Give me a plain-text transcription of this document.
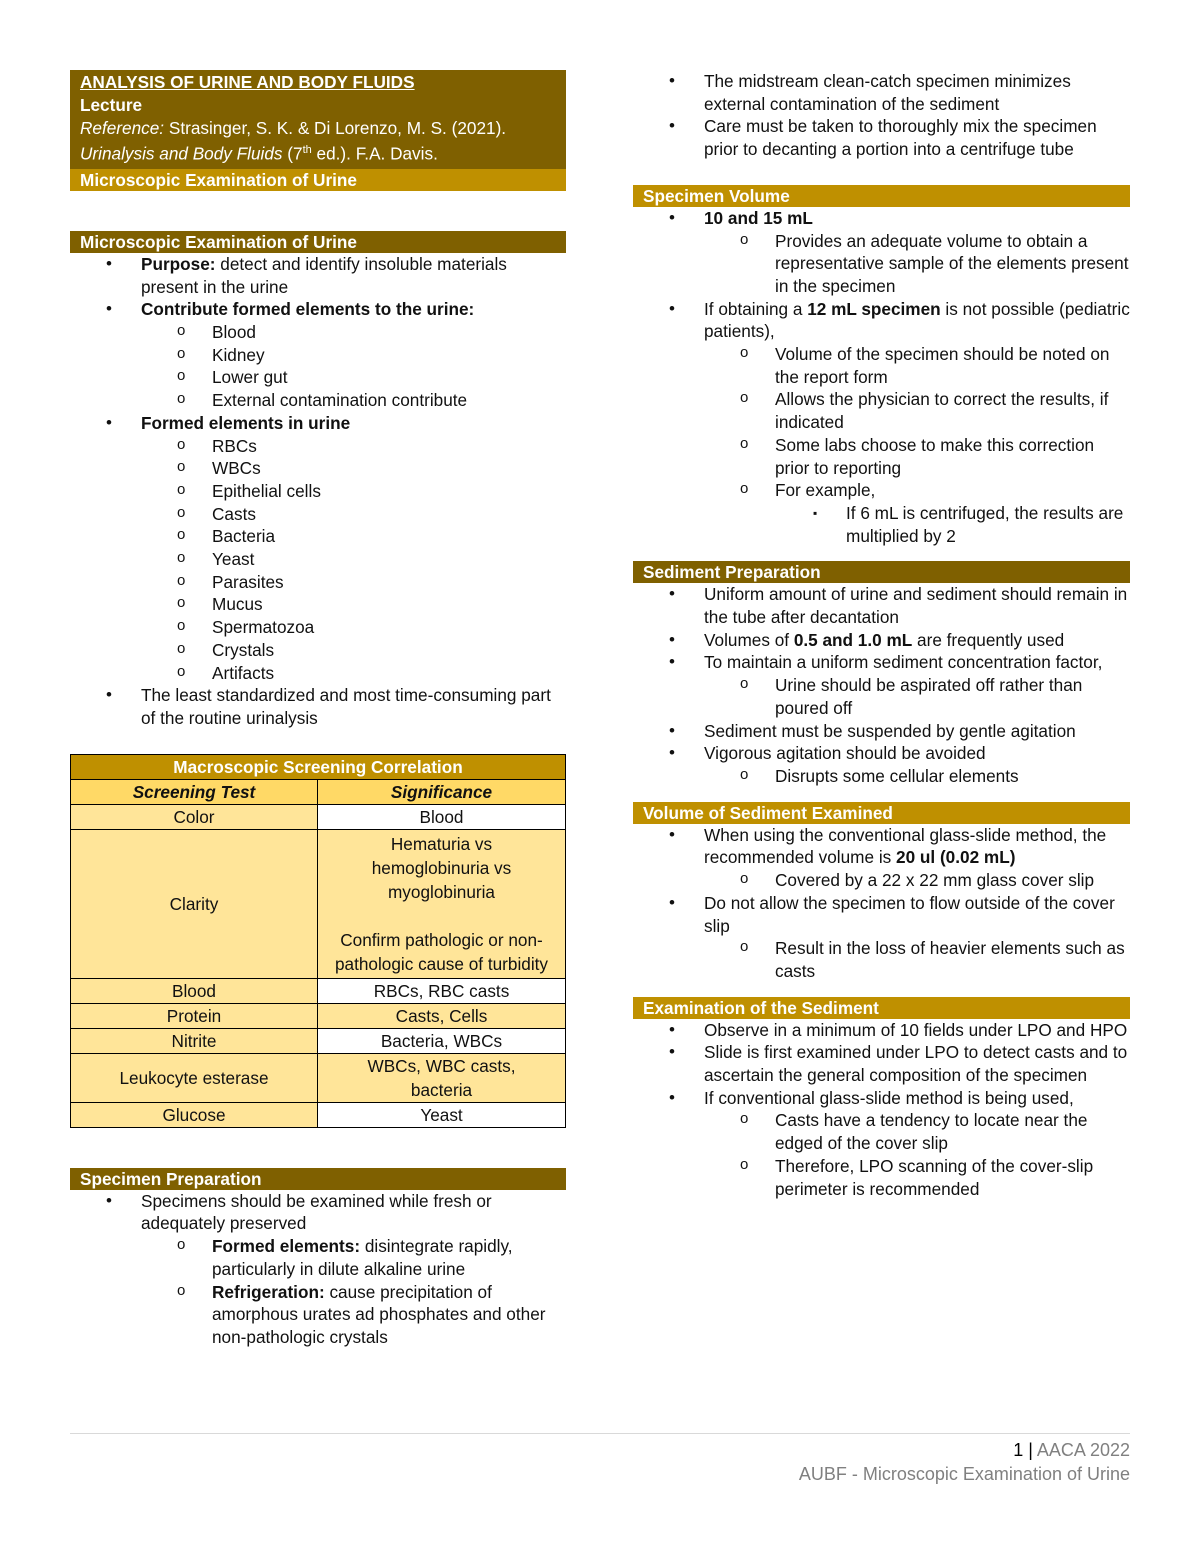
ANALYSIS OF URINE AND BODY FLUIDS
Lecture
Reference: Strasinger, S. K. & Di Lorenzo, M. S. (2021). Urinalysis and Body Fluids (7th ed.). F.A. Davis.
Microscopic Examination of Urine
Microscopic Examination of Urine
• Purpose: detect and identify insoluble materials present in the urine
• Contribute formed elements to the urine:
o Blood
o Kidney
o Lower gut
o External contamination contribute
• Formed elements in urine
o RBCs
o WBCs
o Epithelial cells
o Casts
o Bacteria
o Yeast
o Parasites
o Mucus
o Spermatozoa
o Crystals
o Artifacts
• The least standardized and most time-consuming part of the routine urinalysis
Macroscopic Screening Correlation	
Screening Test	Significance
Color	Blood
Clarity	Hematuria vs hemoglobinuria vs myoglobinuria
Confirm pathologic or non-pathologic cause of turbidity

Blood	RBCs, RBC casts
Protein	Casts, Cells
Nitrite	Bacteria, WBCs
Leukocyte esterase	WBCs, WBC casts, bacteria
Glucose	Yeast
Specimen Preparation
• Specimens should be examined while fresh or adequately preserved
o Formed elements: disintegrate rapidly, particularly in dilute alkaline urine
o Refrigeration: cause precipitation of amorphous urates ad phosphates and other non-pathologic crystals
• The midstream clean-catch specimen minimizes external contamination of the sediment
• Care must be taken to thoroughly mix the specimen prior to decanting a portion into a centrifuge tube
Specimen Volume
• 10 and 15 mL
o Provides an adequate volume to obtain a representative sample of the elements present in the specimen
• If obtaining a 12 mL specimen is not possible (pediatric patients),
o Volume of the specimen should be noted on the report form
o Allows the physician to correct the results, if indicated
o Some labs choose to make this correction prior to reporting
o For example,
▪ If 6 mL is centrifuged, the results are multiplied by 2
Sediment Preparation
• Uniform amount of urine and sediment should remain in the tube after decantation
• Volumes of 0.5 and 1.0 mL are frequently used
• To maintain a uniform sediment concentration factor,
o Urine should be aspirated off rather than poured off
• Sediment must be suspended by gentle agitation
• Vigorous agitation should be avoided
o Disrupts some cellular elements
Volume of Sediment Examined
• When using the conventional glass-slide method, the recommended volume is 20 ul (0.02 mL)
o Covered by a 22 x 22 mm glass cover slip
• Do not allow the specimen to flow outside of the cover slip
o Result in the loss of heavier elements such as casts
Examination of the Sediment
• Observe in a minimum of 10 fields under LPO and HPO
• Slide is first examined under LPO to detect casts and to ascertain the general composition of the specimen
• If conventional glass-slide method is being used,
o Casts have a tendency to locate near the edged of the cover slip
o Therefore, LPO scanning of the cover-slip perimeter is recommended
1 | AACA 2022
AUBF - Microscopic Examination of Urine
